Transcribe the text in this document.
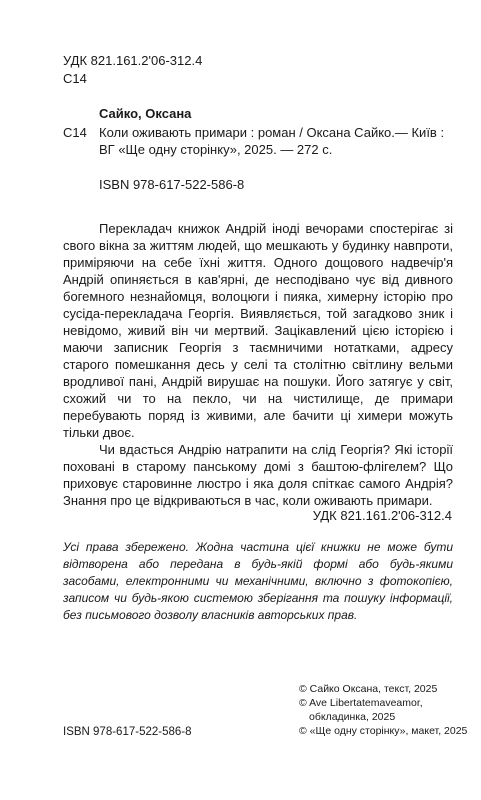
УДК 821.161.2'06-312.4
С14
Сайко, Оксана
С14 Коли оживають примари : роман / Оксана Сайко.— Київ :
ВГ «Ще одну сторінку», 2025. — 272 с.
ISBN 978-617-522-586-8

Перекладач книжок Андрій іноді вечорами спостерігає зі свого вікна за життям людей, що мешкають у будинку навпроти, приміряючи на себе їхні життя. Одного дощового надвечір'я Андрій опиняється в кав'ярні, де несподівано чує від дивного богемного незнайомця, волоцюги і пияка, химерну історію про сусіда-перекладача Георгія. Виявляється, той загадково зник і невідомо, живий він чи мертвий. Зацікавлений цією історією і маючи записник Георгія з таємничими нотатками, адресу старого помешкання десь у селі та столітню світлину вельми вродливої пані, Андрій вирушає на пошуки. Його затягує у світ, схожий чи то на пекло, чи на чистилище, де примари перебувають поряд із живими, але бачити ці химери можуть тільки двоє.

Чи вдасться Андрію натрапити на слід Георгія? Які історії поховані в старому панському домі з баштою-флігелем? Що приховує старовинне люстро і яка доля спіткає самого Андрія? Знання про це відкриваються в час, коли оживають примари.

УДК 821.161.2'06-312.4
Усі права збережено. Жодна частина цієї книжки не може бути відтворена або передана в будь-якій формі або будь-якими засобами, електронними чи механічними, включно з фотокопією, записом чи будь-якою системою зберігання та пошуку інформації, без письмового дозволу власників авторських прав.
© Сайко Оксана, текст, 2025
© Ave Libertatemaveamor,
обкладинка, 2025
© «Ще одну сторінку», макет, 2025
ISBN 978-617-522-586-8
